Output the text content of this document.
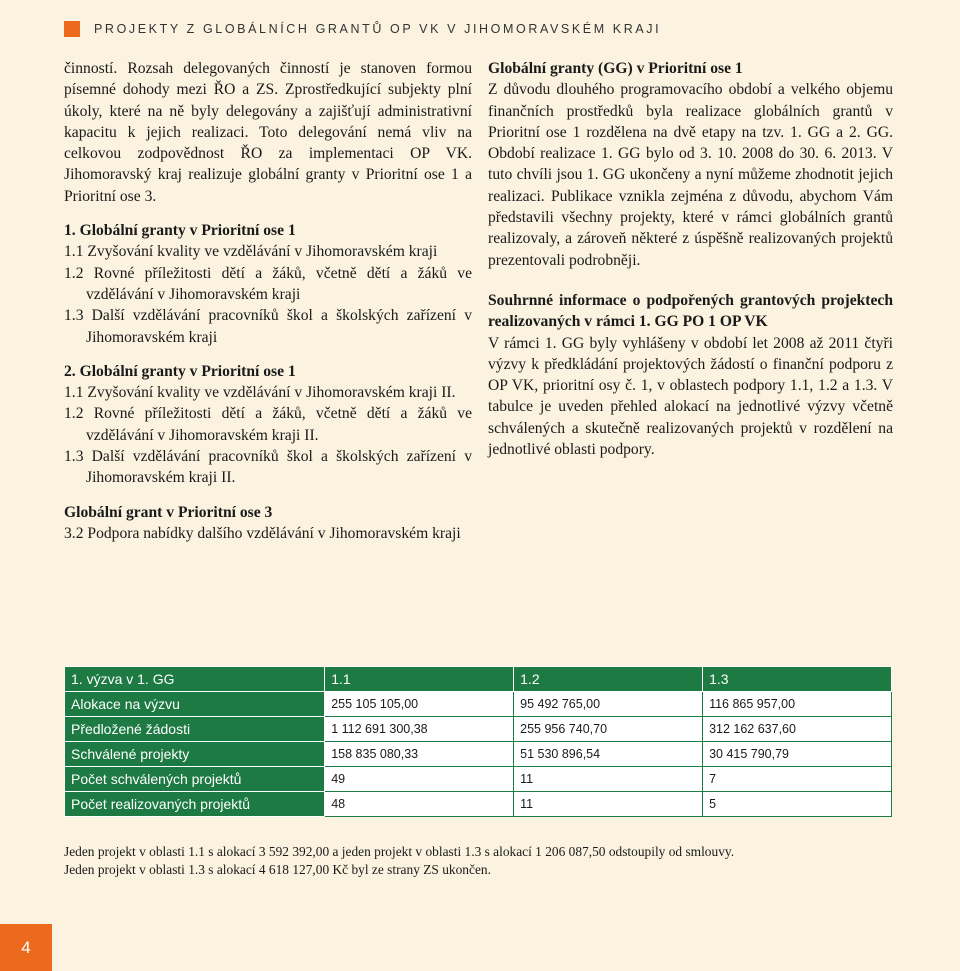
PROJEKTY Z GLOBÁLNÍCH GRANTŮ OP VK V JIHOMORAVSKÉM KRAJI

činností. Rozsah delegovaných činností je stanoven formou písemné dohody mezi ŘO a ZS. Zprostředkující subjekty plní úkoly, které na ně byly delegovány a zajišťují administrativní kapacitu k jejich realizaci. Toto delegování nemá vliv na celkovou zodpovědnost ŘO za implementaci OP VK. Jihomoravský kraj realizuje globální granty v Prioritní ose 1 a Prioritní ose 3.

1. Globální granty v Prioritní ose 1

1.1 Zvyšování kvality ve vzdělávání v Jihomoravském kraji

1.2 Rovné příležitosti dětí a žáků, včetně dětí a žáků ve vzdělávání v Jihomoravském kraji

1.3 Další vzdělávání pracovníků škol a školských zařízení v Jihomoravském kraji

2. Globální granty v Prioritní ose 1

1.1 Zvyšování kvality ve vzdělávání v Jihomoravském kraji II.

1.2 Rovné příležitosti dětí a žáků, včetně dětí a žáků ve vzdělávání v Jihomoravském kraji II.

1.3 Další vzdělávání pracovníků škol a školských zařízení v Jihomoravském kraji II.

Globální grant v Prioritní ose 3

3.2 Podpora nabídky dalšího vzdělávání v Jihomoravském kraji

Globální granty (GG) v Prioritní ose 1

Z důvodu dlouhého programovacího období a velkého objemu finančních prostředků byla realizace globálních grantů v Prioritní ose 1 rozdělena na dvě etapy na tzv. 1. GG a 2. GG. Období realizace 1. GG bylo od 3. 10. 2008 do 30. 6. 2013. V tuto chvíli jsou 1. GG ukončeny a nyní můžeme zhodnotit jejich realizaci. Publikace vznikla zejména z důvodu, abychom Vám představili všechny projekty, které v rámci globálních grantů realizovaly, a zároveň některé z úspěšně realizovaných projektů prezentovali podrobněji.

Souhrnné informace o podpořených grantových projektech realizovaných v rámci 1. GG PO 1 OP VK

V rámci 1. GG byly vyhlášeny v období let 2008 až 2011 čtyři výzvy k předkládání projektových žádostí o finanční podporu z OP VK, prioritní osy č. 1, v oblastech podpory 1.1, 1.2 a 1.3. V tabulce je uveden přehled alokací na jednotlivé výzvy včetně schválených a skutečně realizovaných projektů v rozdělení na jednotlivé oblasti podpory.

1. výzva v 1. GG	1.1	1.2	1.3
Alokace na výzvu	255 105 105,00	95 492 765,00	116 865 957,00
Předložené žádosti	1 112 691 300,38	255 956 740,70	312 162 637,60
Schválené projekty	158 835 080,33	51 530 896,54	30 415 790,79
Počet schválených projektů	49	11	7
Počet realizovaných projektů	48	11	5
Jeden projekt v oblasti 1.1 s alokací 3 592 392,00 a jeden projekt v oblasti 1.3 s alokací 1 206 087,50 odstoupily od smlouvy.
Jeden projekt v oblasti 1.3 s alokací 4 618 127,00 Kč byl ze strany ZS ukončen.
4
